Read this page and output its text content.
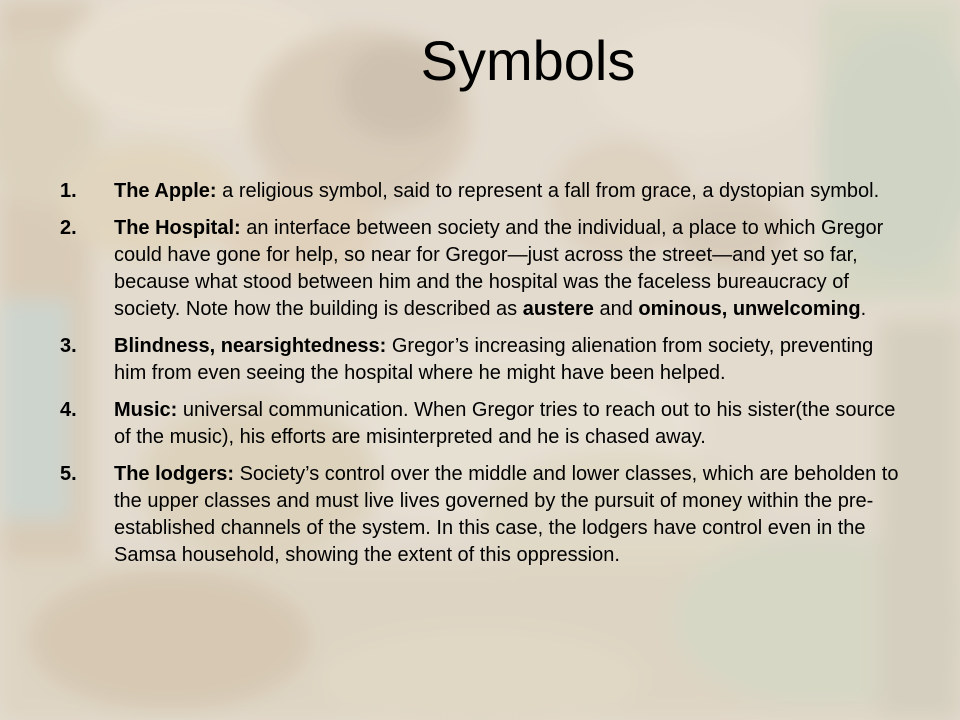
Symbols
1. The Apple: a religious symbol, said to represent a fall from grace, a dystopian symbol.
2. The Hospital: an interface between society and the individual, a place to which Gregor could have gone for help, so near for Gregor—just across the street—and yet so far, because what stood between him and the hospital was the faceless bureaucracy of society. Note how the building is described as austere and ominous, unwelcoming.
3. Blindness, nearsightedness: Gregor’s increasing alienation from society, preventing him from even seeing the hospital where he might have been helped.
4. Music: universal communication. When Gregor tries to reach out to his sister(the source of the music), his efforts are misinterpreted and he is chased away.
5. The lodgers: Society’s control over the middle and lower classes, which are beholden to the upper classes and must live lives governed by the pursuit of money within the pre-established channels of the system. In this case, the lodgers have control even in the Samsa household, showing the extent of this oppression.
